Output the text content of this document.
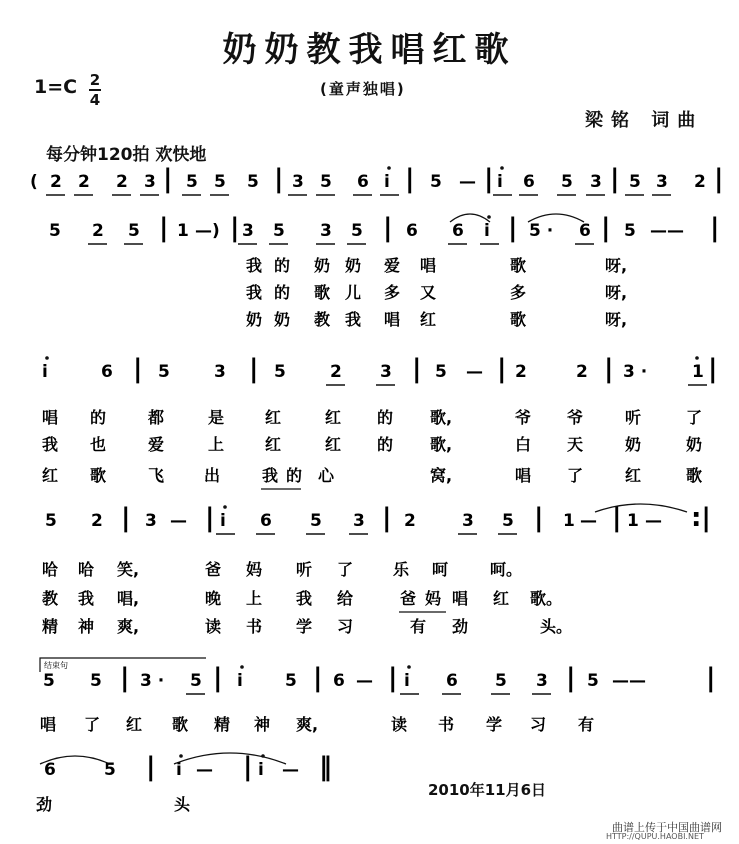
奶奶教我唱红歌
1=C 2
4
(童声独唱)
梁铭 词曲
每分钟120拍 欢快地
结束句
( 2 2 2 3 | 5 5 5 | 3 5 6 i | 5 — | i 6 5 3 | 5 3 2 |
5 2 5 | 1 —) | 3 5 3 5 | 6 6 i | 5 · 6 | 5 —— |
i	6 | 5	3 | 5	2 3 | 5 — | 2	2 | 3 ·	1 |
5 2 | 3 — | i 6 5 3 | 2	3 5 | 1 — | 1 — :|
5 5 | 3 · 5 | i 5 | 6 — | i 6 5 3 | 5 —— |
6	5 | i — | i — ‖
我 的 奶 奶 爱 唱	歌	呀,
我 的 歌 儿 多 又	多	呀,
奶 奶 教 我 唱 红	歌	呀,
唱 的	都	是	红	红 的 歌,	爷 爷	听	了
我 也	爱	上	红	红 的 歌,	白 天	奶	奶
红 歌	飞 出	我 的 心	窝,	唱 了	红	歌
哈 哈 笑,	爸 妈 听 了 乐 呵	呵。
教 我 唱,	晚 上 我 给	爸 妈 唱 红 歌。
精 神 爽,	读 书 学 习	有 劲	头。
唱 了 红 歌 精 神 爽,	读 书 学 习 有
劲	头
2010年11月6日
曲谱上传于中国曲谱网
HTTP://QUPU.HAOBI.NET
